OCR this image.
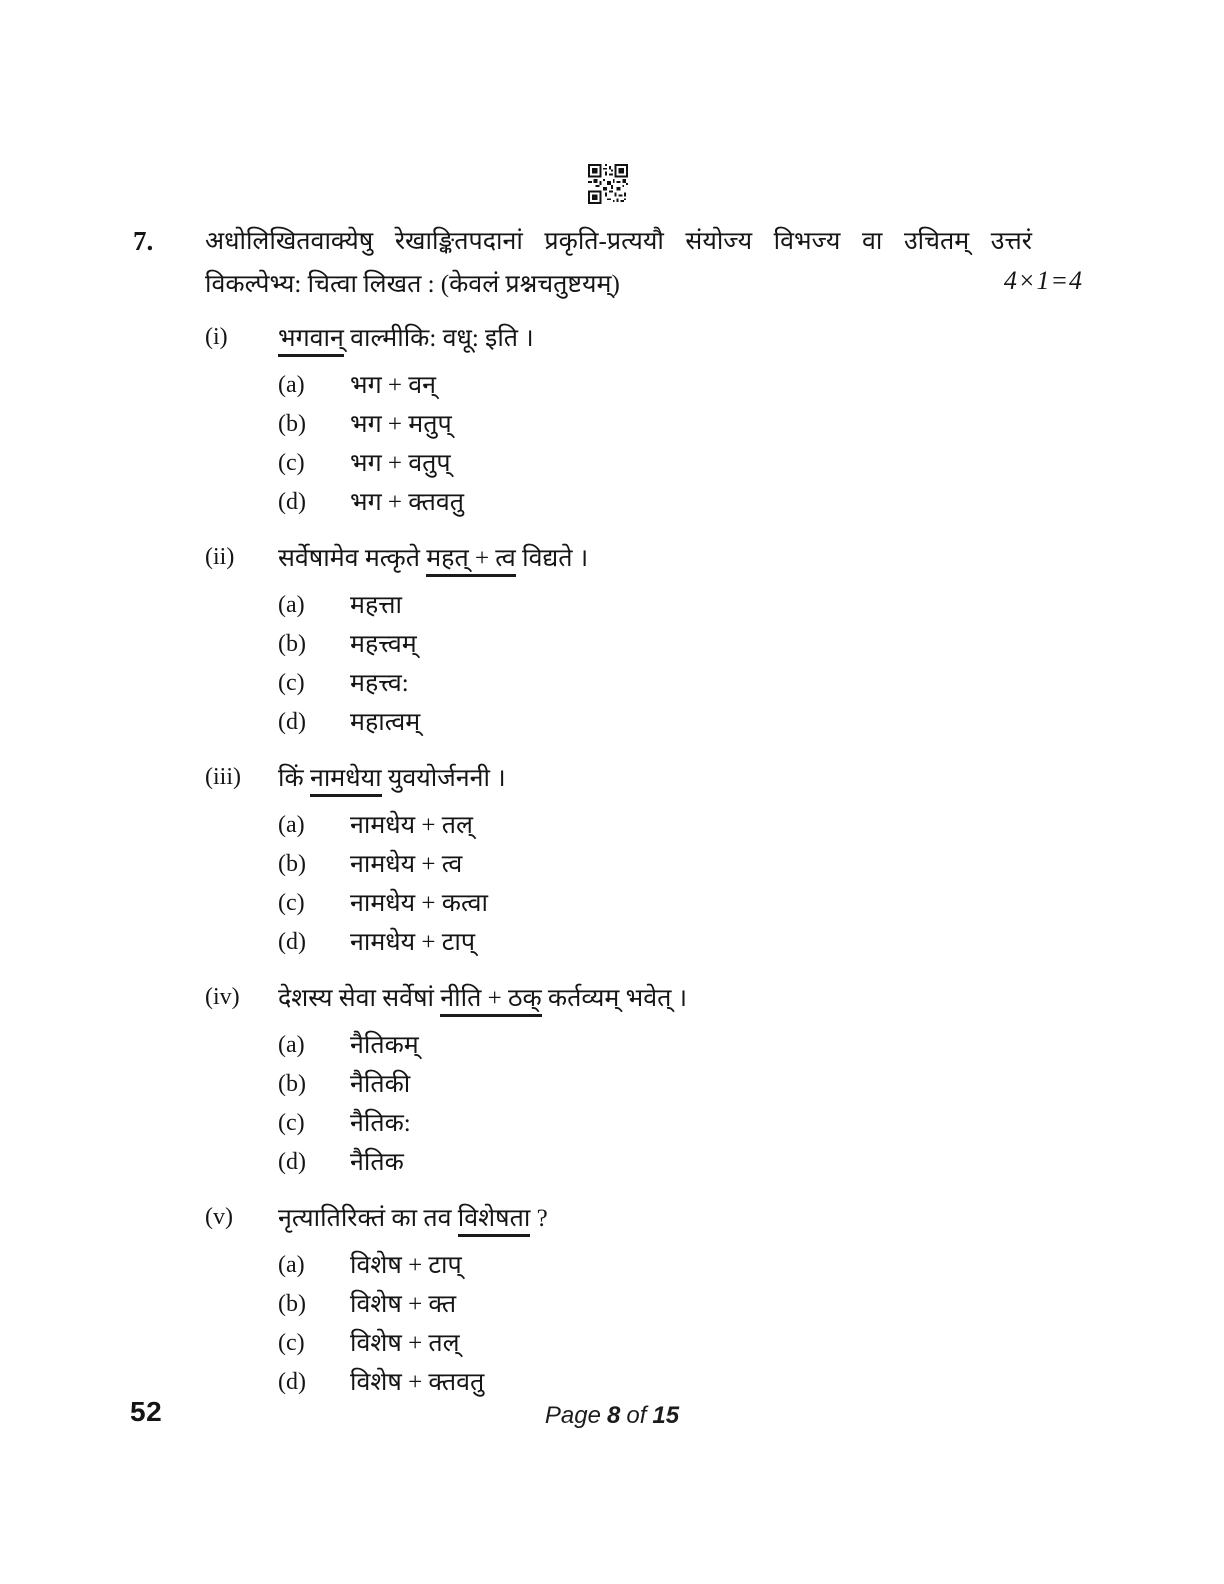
7.	अधोलिखितवाक्येषु रेखाङ्कितपदानां प्रकृति-प्रत्ययौ संयोज्य विभज्य वा उचितम् उत्तरं
विकल्पेभ्य: चित्वा लिखत : (केवलं प्रश्नचतुष्टयम्)	4×1=4
(i)	भगवान् वाल्मीकि: वधू: इति ।
(a)	भग + वन्
(b)	भग + मतुप्
(c)	भग + वतुप्
(d)	भग + क्तवतु
(ii)	सर्वेषामेव मत्कृते महत् + त्व विद्यते ।
(a)	महत्ता
(b)	महत्त्वम्
(c)	महत्त्व:
(d)	महात्वम्
(iii)	किं नामधेया युवयोर्जननी ।
(a)	नामधेय + तल्
(b)	नामधेय + त्व
(c)	नामधेय + कत्वा
(d)	नामधेय + टाप्
(iv)	देशस्य सेवा सर्वेषां नीति + ठक् कर्तव्यम् भवेत् ।
(a)	नैतिकम्
(b)	नैतिकी
(c)	नैतिक:
(d)	नैतिक
(v)	नृत्यातिरिक्तं का तव विशेषता ?
(a)	विशेष + टाप्
(b)	विशेष + क्त
(c)	विशेष + तल्
(d)	विशेष + क्तवतु
52	Page 8 of 15
